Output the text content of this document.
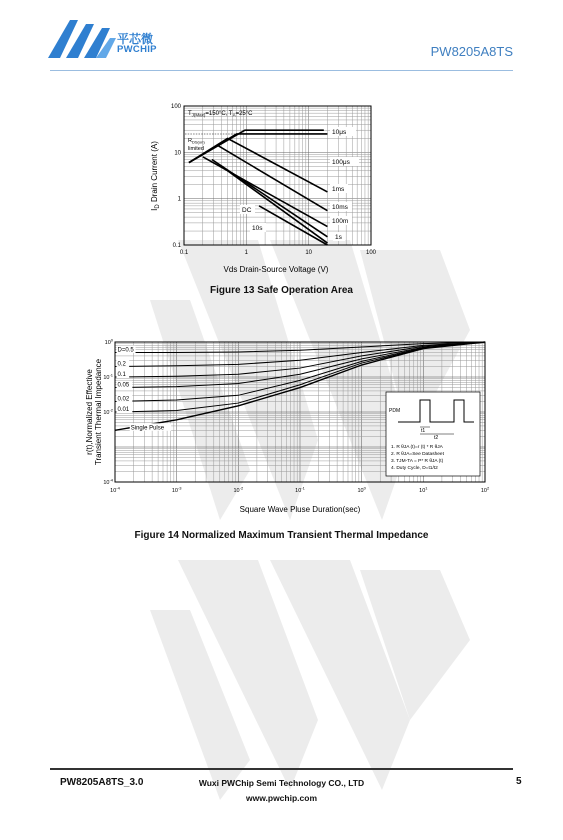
平芯微
PWCHIP	PW8205A8TS
0.1	1	10	100
0.1
1
10
100
$T_{J(Max)}=150^\circ C$, $T_A=25^\circ C$
$R_{DS(on)}$
limited
10μs
100μs
1ms
10ms
100m
1s
10s
DC
Vds Drain-Source Voltage (V)
$I_D$ Drain Current (A)
Figure 13 Safe Operation Area
D=0.5
0.2
0.1
0.05
0.02
0.01
Single Pulse
$10^{-4}$	$10^{-3}$	$10^{-2}$	$10^{-1}$	$10^0$	$10^1$	$10^2$
$10^{-4}$
$10^{-2}$
$10^{-1}$
$10^0$
PDM
t1
t2
1. R θJA (t)=r (t) * R θJA
2. R θJA=See Datasheet
3. TJM-TA = P* R θJA (t)
4. Duty Cycle, D=t1/t2
Square Wave Pluse Duration(sec)
r(t),Normalized Effective Transient Thermal Impedance
Figure 14 Normalized Maximum Transient Thermal Impedance
PW8205A8TS_3.0	Wuxi PWChip Semi Technology CO., LTD
www.pwchip.com
5
